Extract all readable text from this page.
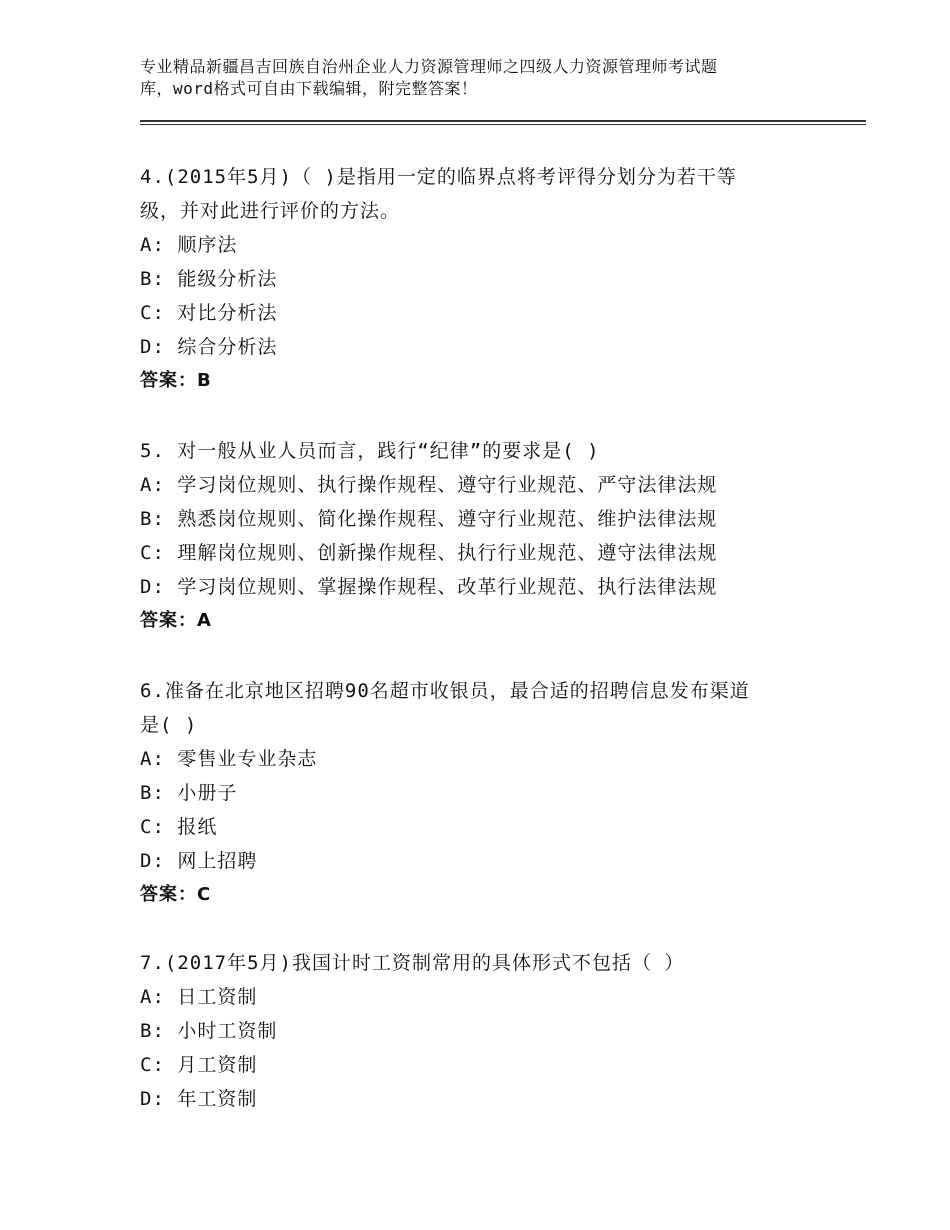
专业精品新疆昌吉回族自治州企业人力资源管理师之四级人力资源管理师考试题
库，word格式可自由下载编辑，附完整答案！

4.(2015年5月)（ )是指用一定的临界点将考评得分划分为若干等

级，并对此进行评价的方法。

A: 顺序法

B: 能级分析法

C: 对比分析法

D: 综合分析法

答案：B

5. 对一般从业人员而言，践行“纪律”的要求是( )

A: 学习岗位规则、执行操作规程、遵守行业规范、严守法律法规

B: 熟悉岗位规则、简化操作规程、遵守行业规范、维护法律法规

C: 理解岗位规则、创新操作规程、执行行业规范、遵守法律法规

D: 学习岗位规则、掌握操作规程、改革行业规范、执行法律法规

答案：A

6.准备在北京地区招聘90名超市收银员，最合适的招聘信息发布渠道

是( )

A: 零售业专业杂志

B: 小册子

C: 报纸

D: 网上招聘

答案：C

7.(2017年5月)我国计时工资制常用的具体形式不包括（ ）

A: 日工资制

B: 小时工资制

C: 月工资制

D: 年工资制
